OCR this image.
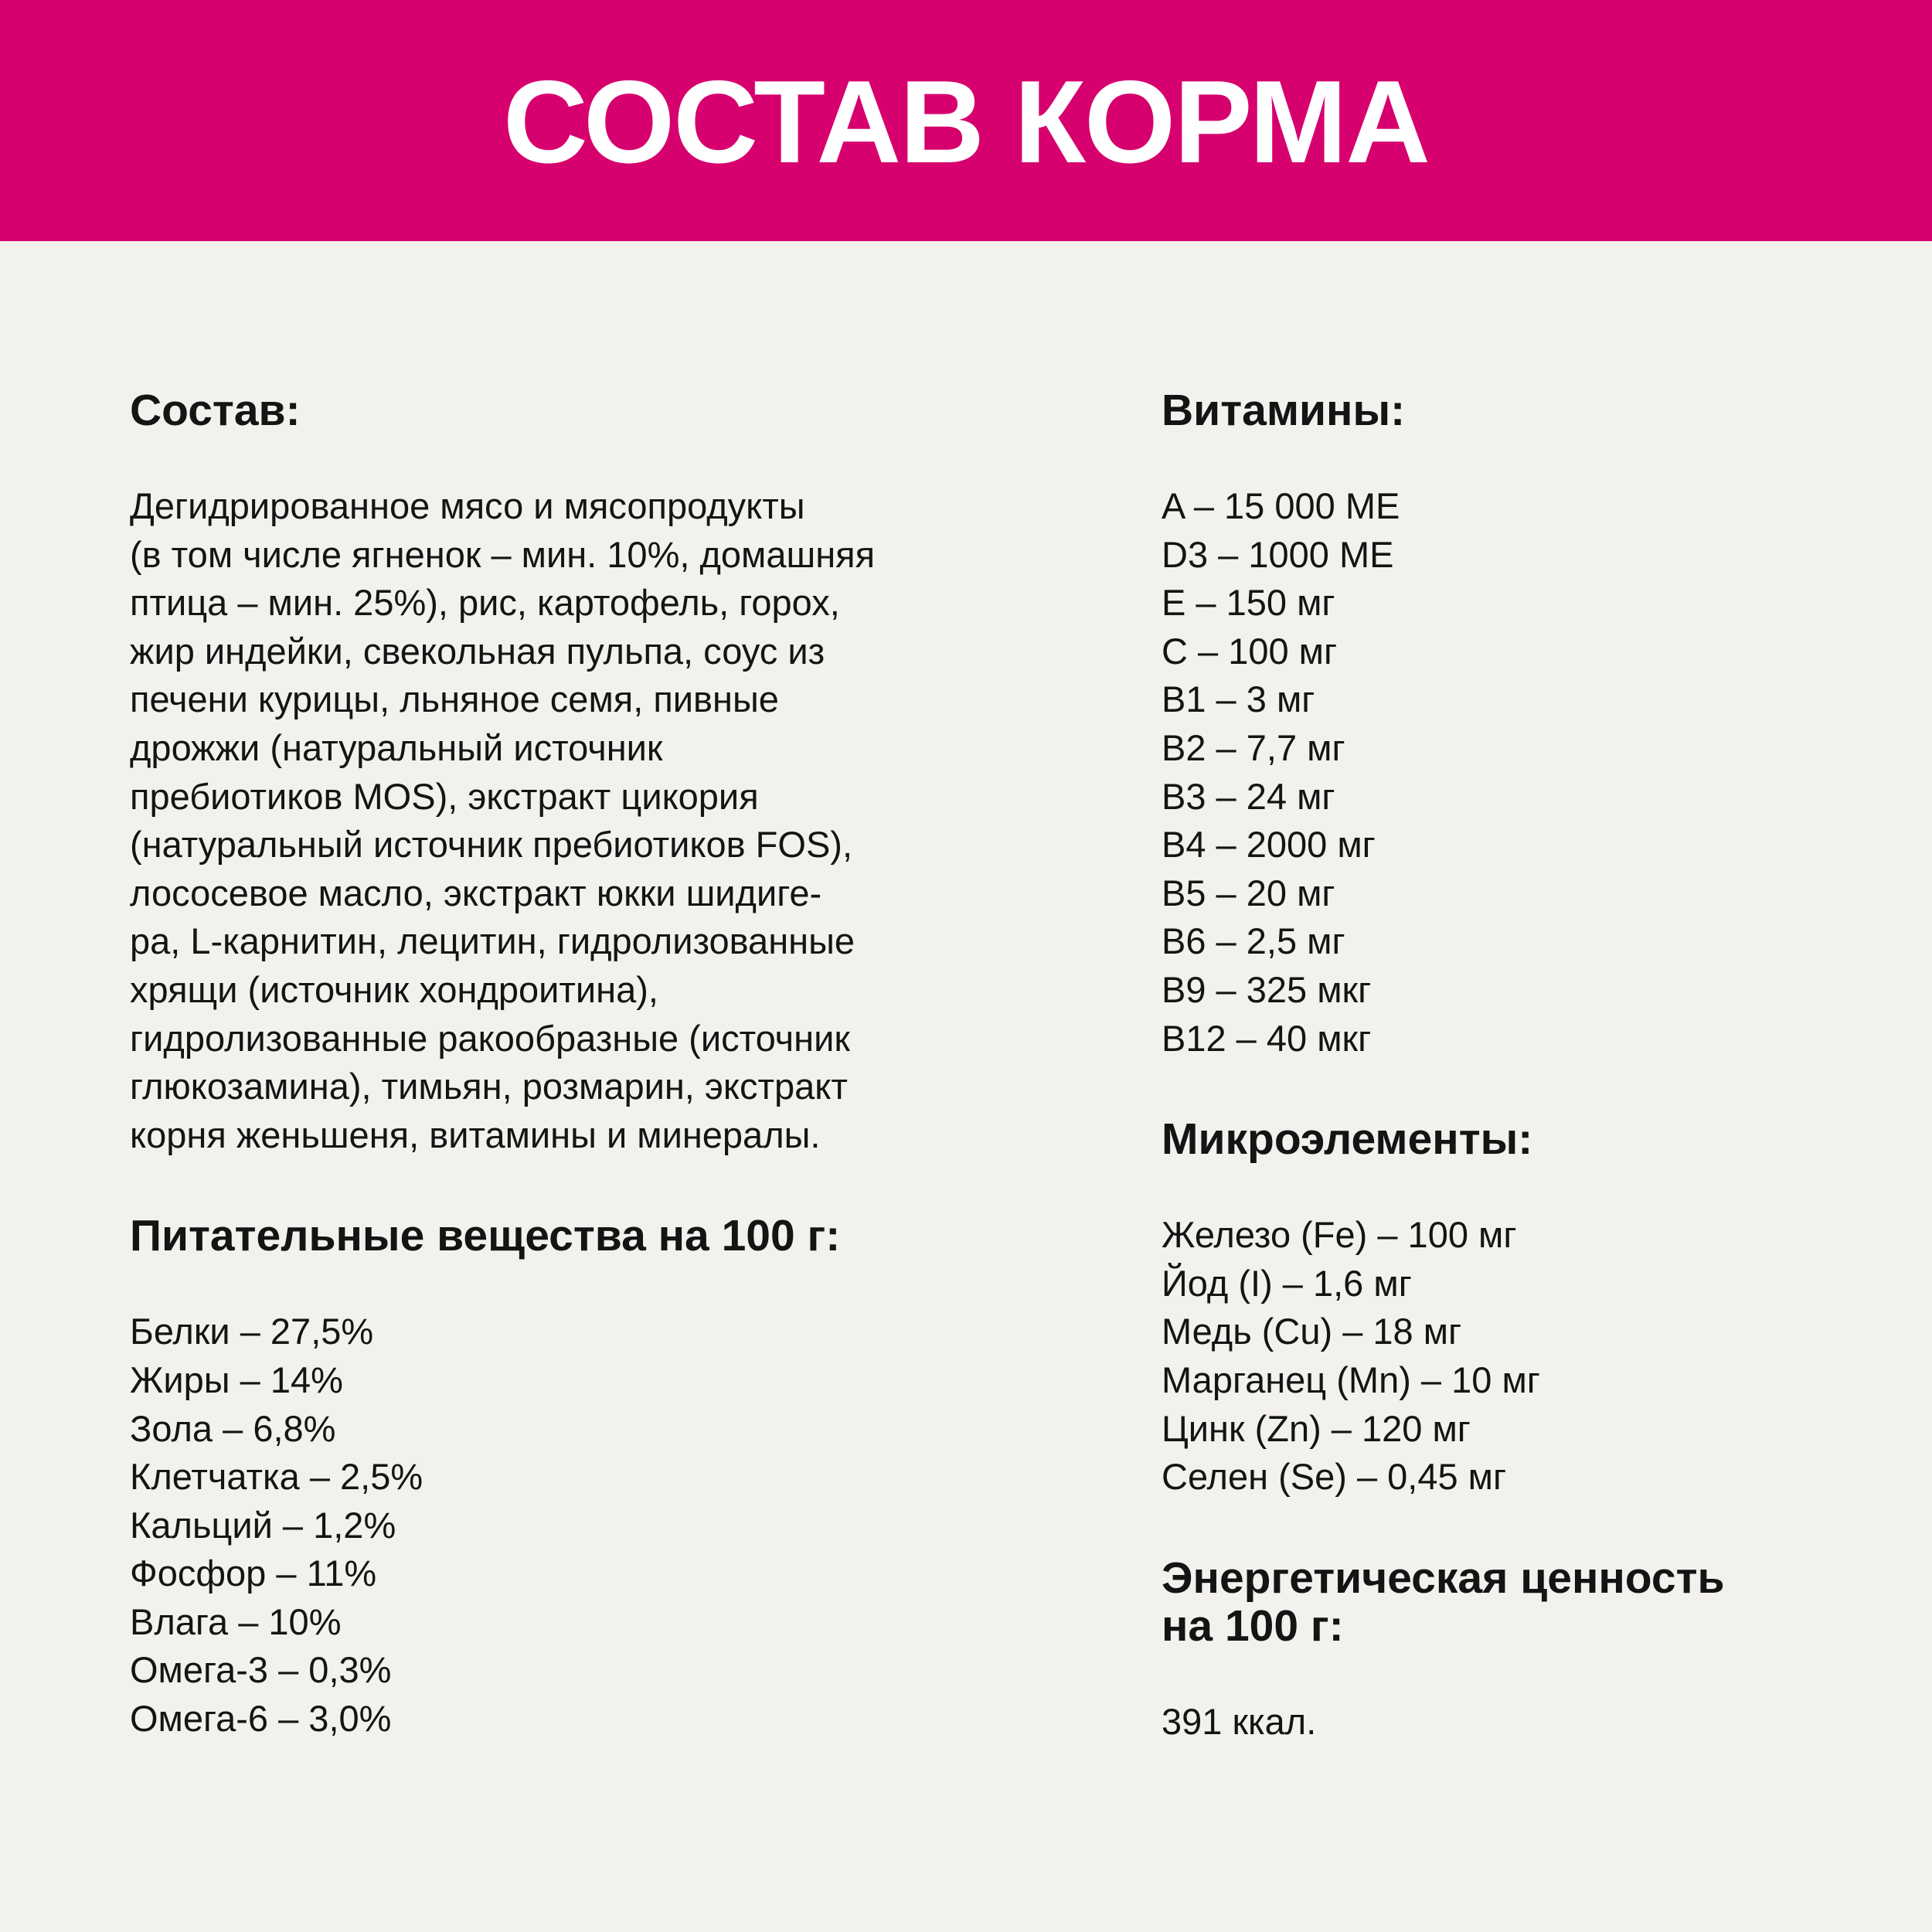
СОСТАВ КОРМА
Состав:

Дегидрированное мясо и мясопродукты
(в том числе ягненок – мин. 10%, домашняя
птица – мин. 25%), рис, картофель, горох,
жир индейки, свекольная пульпа, соус из
печени курицы, льняное семя, пивные
дрожжи (натуральный источник
пребиотиков MOS), экстракт цикория
(натуральный источник пребиотиков FOS),
лососевое масло, экстракт юкки шидиге-
ра, L-карнитин, лецитин, гидролизованные
хрящи (источник хондроитина),
гидролизованные ракообразные (источник
глюкозамина), тимьян, розмарин, экстракт
корня женьшеня, витамины и минералы.

Питательные вещества на 100 г:
Белки – 27,5%
Жиры – 14%
Зола – 6,8%
Клетчатка – 2,5%
Кальций – 1,2%
Фосфор – 11%
Влага – 10%
Омега-3 – 0,3%
Омега-6 – 3,0%
Витамины:
A – 15 000 МЕ
D3 – 1000 МЕ
E – 150 мг
C – 100 мг
B1 – 3 мг
B2 – 7,7 мг
B3 – 24 мг
B4 – 2000 мг
B5 – 20 мг
B6 – 2,5 мг
B9 – 325 мкг
B12 – 40 мкг
Микроэлементы:
Железо (Fe) – 100 мг
Йод (I) – 1,6 мг
Медь (Cu) – 18 мг
Марганец (Mn) – 10 мг
Цинк (Zn) – 120 мг
Селен (Se) – 0,45 мг
Энергетическая ценность
на 100 г:

391 ккал.
